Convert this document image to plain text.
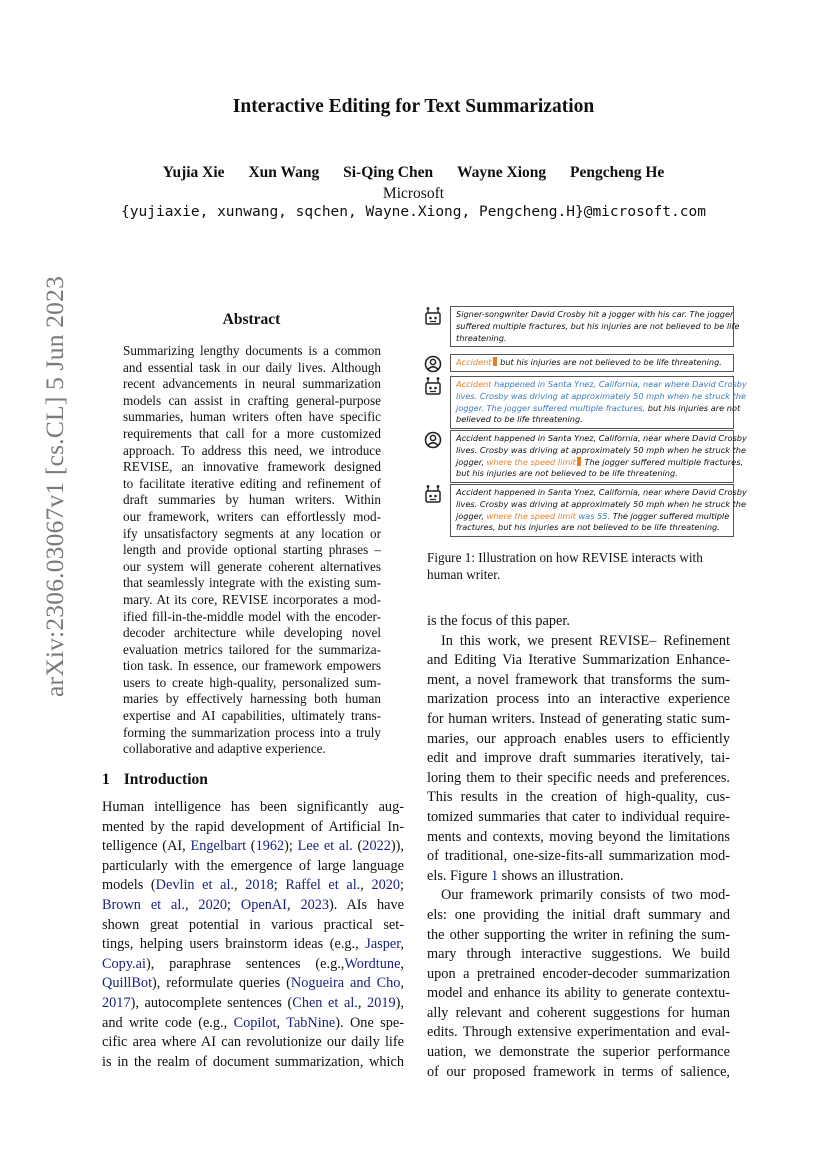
arXiv:2306.03067v1 [cs.CL] 5 Jun 2023
Interactive Editing for Text Summarization
Yujia Xie Xun Wang Si-Qing Chen Wayne Xiong Pengcheng He
Microsoft
{yujiaxie, xunwang, sqchen, Wayne.Xiong, Pengcheng.H}@microsoft.com
Abstract
Summarizing lengthy documents is a common
and essential task in our daily lives. Although
recent advancements in neural summarization
models can assist in crafting general-purpose
summaries, human writers often have specific
requirements that call for a more customized
approach. To address this need, we introduce
REVISE, an innovative framework designed
to facilitate iterative editing and refinement of
draft summaries by human writers. Within
our framework, writers can effortlessly mod-
ify unsatisfactory segments at any location or
length and provide optional starting phrases –
our system will generate coherent alternatives
that seamlessly integrate with the existing sum-
mary. At its core, REVISE incorporates a mod-
ified fill-in-the-middle model with the encoder-
decoder architecture while developing novel
evaluation metrics tailored for the summariza-
tion task. In essence, our framework empowers
users to create high-quality, personalized sum-
maries by effectively harnessing both human
expertise and AI capabilities, ultimately trans-
forming the summarization process into a truly
collaborative and adaptive experience.
1 Introduction
Human intelligence has been significantly aug-
mented by the rapid development of Artificial In-
telligence (AI, Engelbart (1962); Lee et al. (2022)),
particularly with the emergence of large language
models (Devlin et al., 2018; Raffel et al., 2020;
Brown et al., 2020; OpenAI, 2023). AIs have
shown great potential in various practical set-
tings, helping users brainstorm ideas (e.g., Jasper,
Copy.ai), paraphrase sentences (e.g.,Wordtune,
QuillBot), reformulate queries (Nogueira and Cho,
2017), autocomplete sentences (Chen et al., 2019),
and write code (e.g., Copilot, TabNine). One spe-
cific area where AI can revolutionize our daily life
is in the realm of document summarization, which
is the focus of this paper.
In this work, we present REVISE– Refinement
and Editing Via Iterative Summarization Enhance-
ment, a novel framework that transforms the sum-
marization process into an interactive experience
for human writers. Instead of generating static sum-
maries, our approach enables users to efficiently
edit and improve draft summaries iteratively, tai-
loring them to their specific needs and preferences.
This results in the creation of high-quality, cus-
tomized summaries that cater to individual require-
ments and contexts, moving beyond the limitations
of traditional, one-size-fits-all summarization mod-
els. Figure 1 shows an illustration.
Our framework primarily consists of two mod-
els: one providing the initial draft summary and
the other supporting the writer in refining the sum-
mary through interactive suggestions. We build
upon a pretrained encoder-decoder summarization
model and enhance its ability to generate contextu-
ally relevant and coherent suggestions for human
edits. Through extensive experimentation and eval-
uation, we demonstrate the superior performance
of our proposed framework in terms of salience,
Signer-songwriter David Crosby hit a jogger with his car. The jogger
suffered multiple fractures, but his injuries are not believed to be life
threatening.
Accident but his injuries are not believed to be life threatening.
Accident happened in Santa Ynez, California, near where David Crosby
lives. Crosby was driving at approximately 50 mph when he struck the
jogger. The jogger suffered multiple fractures, but his injuries are not
believed to be life threatening.
Accident happened in Santa Ynez, California, near where David Crosby
lives. Crosby was driving at approximately 50 mph when he struck the
jogger, where the speed limit The jogger suffered multiple fractures,
but his injuries are not believed to be life threatening.
Accident happened in Santa Ynez, California, near where David Crosby
lives. Crosby was driving at approximately 50 mph when he struck the
jogger, where the speed limit was 55. The jogger suffered multiple
fractures, but his injuries are not believed to be life threatening.
Figure 1: Illustration on how REVISE interacts with
human writer.
